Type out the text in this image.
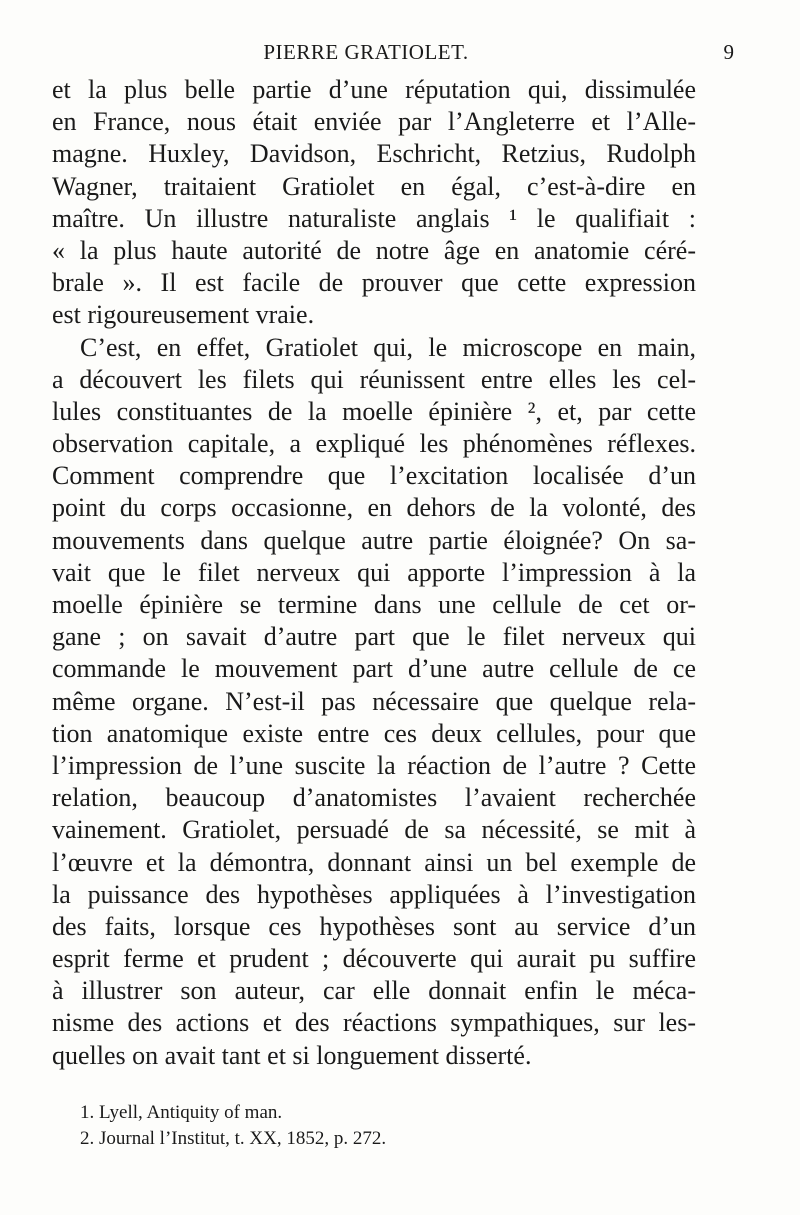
PIERRE GRATIOLET.	9
et la plus belle partie d’une réputation qui, dissimulée
en France, nous était enviée par l’Angleterre et l’Alle-
magne. Huxley, Davidson, Eschricht, Retzius, Rudolph
Wagner, traitaient Gratiolet en égal, c’est-à-dire en
maître. Un illustre naturaliste anglais ¹ le qualifiait :
« la plus haute autorité de notre âge en anatomie céré-
brale ». Il est facile de prouver que cette expression
est rigoureusement vraie.
C’est, en effet, Gratiolet qui, le microscope en main,
a découvert les filets qui réunissent entre elles les cel-
lules constituantes de la moelle épinière ², et, par cette
observation capitale, a expliqué les phénomènes réflexes.
Comment comprendre que l’excitation localisée d’un
point du corps occasionne, en dehors de la volonté, des
mouvements dans quelque autre partie éloignée? On sa-
vait que le filet nerveux qui apporte l’impression à la
moelle épinière se termine dans une cellule de cet or-
gane ; on savait d’autre part que le filet nerveux qui
commande le mouvement part d’une autre cellule de ce
même organe. N’est-il pas nécessaire que quelque rela-
tion anatomique existe entre ces deux cellules, pour que
l’impression de l’une suscite la réaction de l’autre ? Cette
relation, beaucoup d’anatomistes l’avaient recherchée
vainement. Gratiolet, persuadé de sa nécessité, se mit à
l’œuvre et la démontra, donnant ainsi un bel exemple de
la puissance des hypothèses appliquées à l’investigation
des faits, lorsque ces hypothèses sont au service d’un
esprit ferme et prudent ; découverte qui aurait pu suffire
à illustrer son auteur, car elle donnait enfin le méca-
nisme des actions et des réactions sympathiques, sur les-
quelles on avait tant et si longuement disserté.
1. Lyell, Antiquity of man.
2. Journal l’Institut, t. XX, 1852, p. 272.
